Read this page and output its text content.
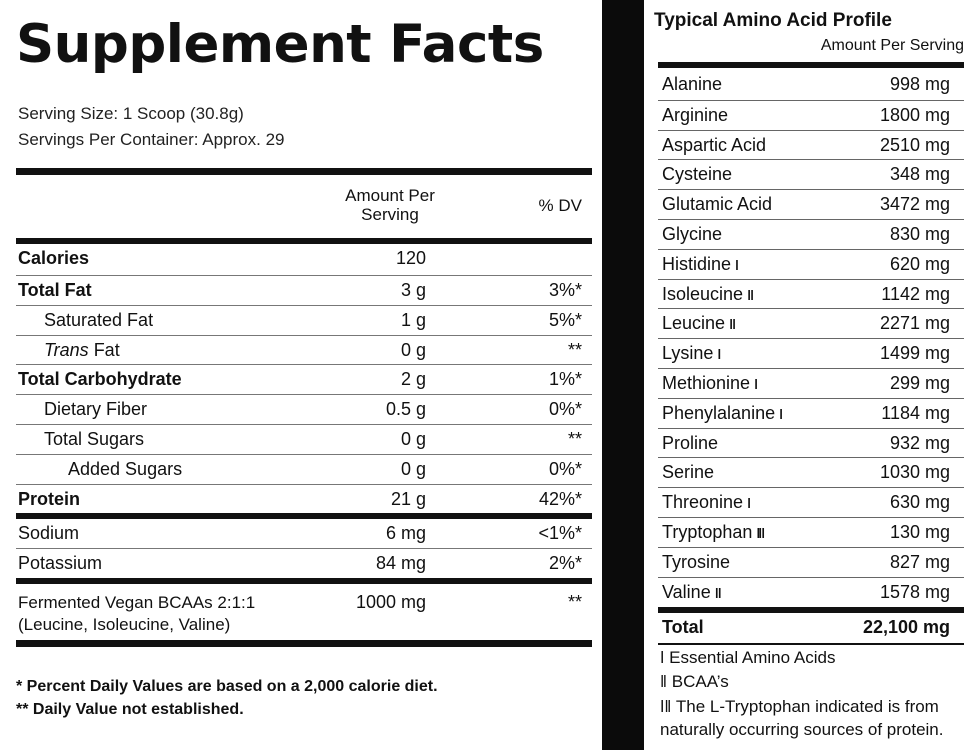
Supplement Facts
Serving Size: 1 Scoop (30.8g)
Servings Per Container: Approx. 29
Amount Per Serving	% DV
Calories	120
Total Fat	3 g	3%*
Saturated Fat	1 g	5%*
Trans Fat	0 g	**
Total Carbohydrate	2 g	1%*
Dietary Fiber	0.5 g	0%*
Total Sugars	0 g	**
Added Sugars	0 g	0%*
Protein	21 g	42%*
Sodium	6 mg	<1%*
Potassium	84 mg	2%*
Fermented Vegan BCAAs 2:1:1
(Leucine, Isoleucine, Valine)
1000 mg	**
* Percent Daily Values are based on a 2,000 calorie diet.
** Daily Value not established.
Typical Amino Acid Profile
Amount Per Serving
Alanine	998 mg
Arginine	1800 mg
Aspartic Acid	2510 mg
Cysteine	348 mg
Glutamic Acid	3472 mg
Glycine	830 mg
Histidine ǀ	620 mg
Isoleucine ǁ	1142 mg
Leucine ǁ	2271 mg
Lysine ǀ	1499 mg
Methionine ǀ	299 mg
Phenylalanine ǀ	1184 mg
Proline	932 mg
Serine	1030 mg
Threonine ǀ	630 mg
Tryptophan ǀǁ	130 mg
Tyrosine	827 mg
Valine ǁ	1578 mg
Total	22,100 mg
ǀ Essential Amino Acids
ǁ BCAA’s
ǀǁ The L-Tryptophan indicated is from
naturally occurring sources of protein.
